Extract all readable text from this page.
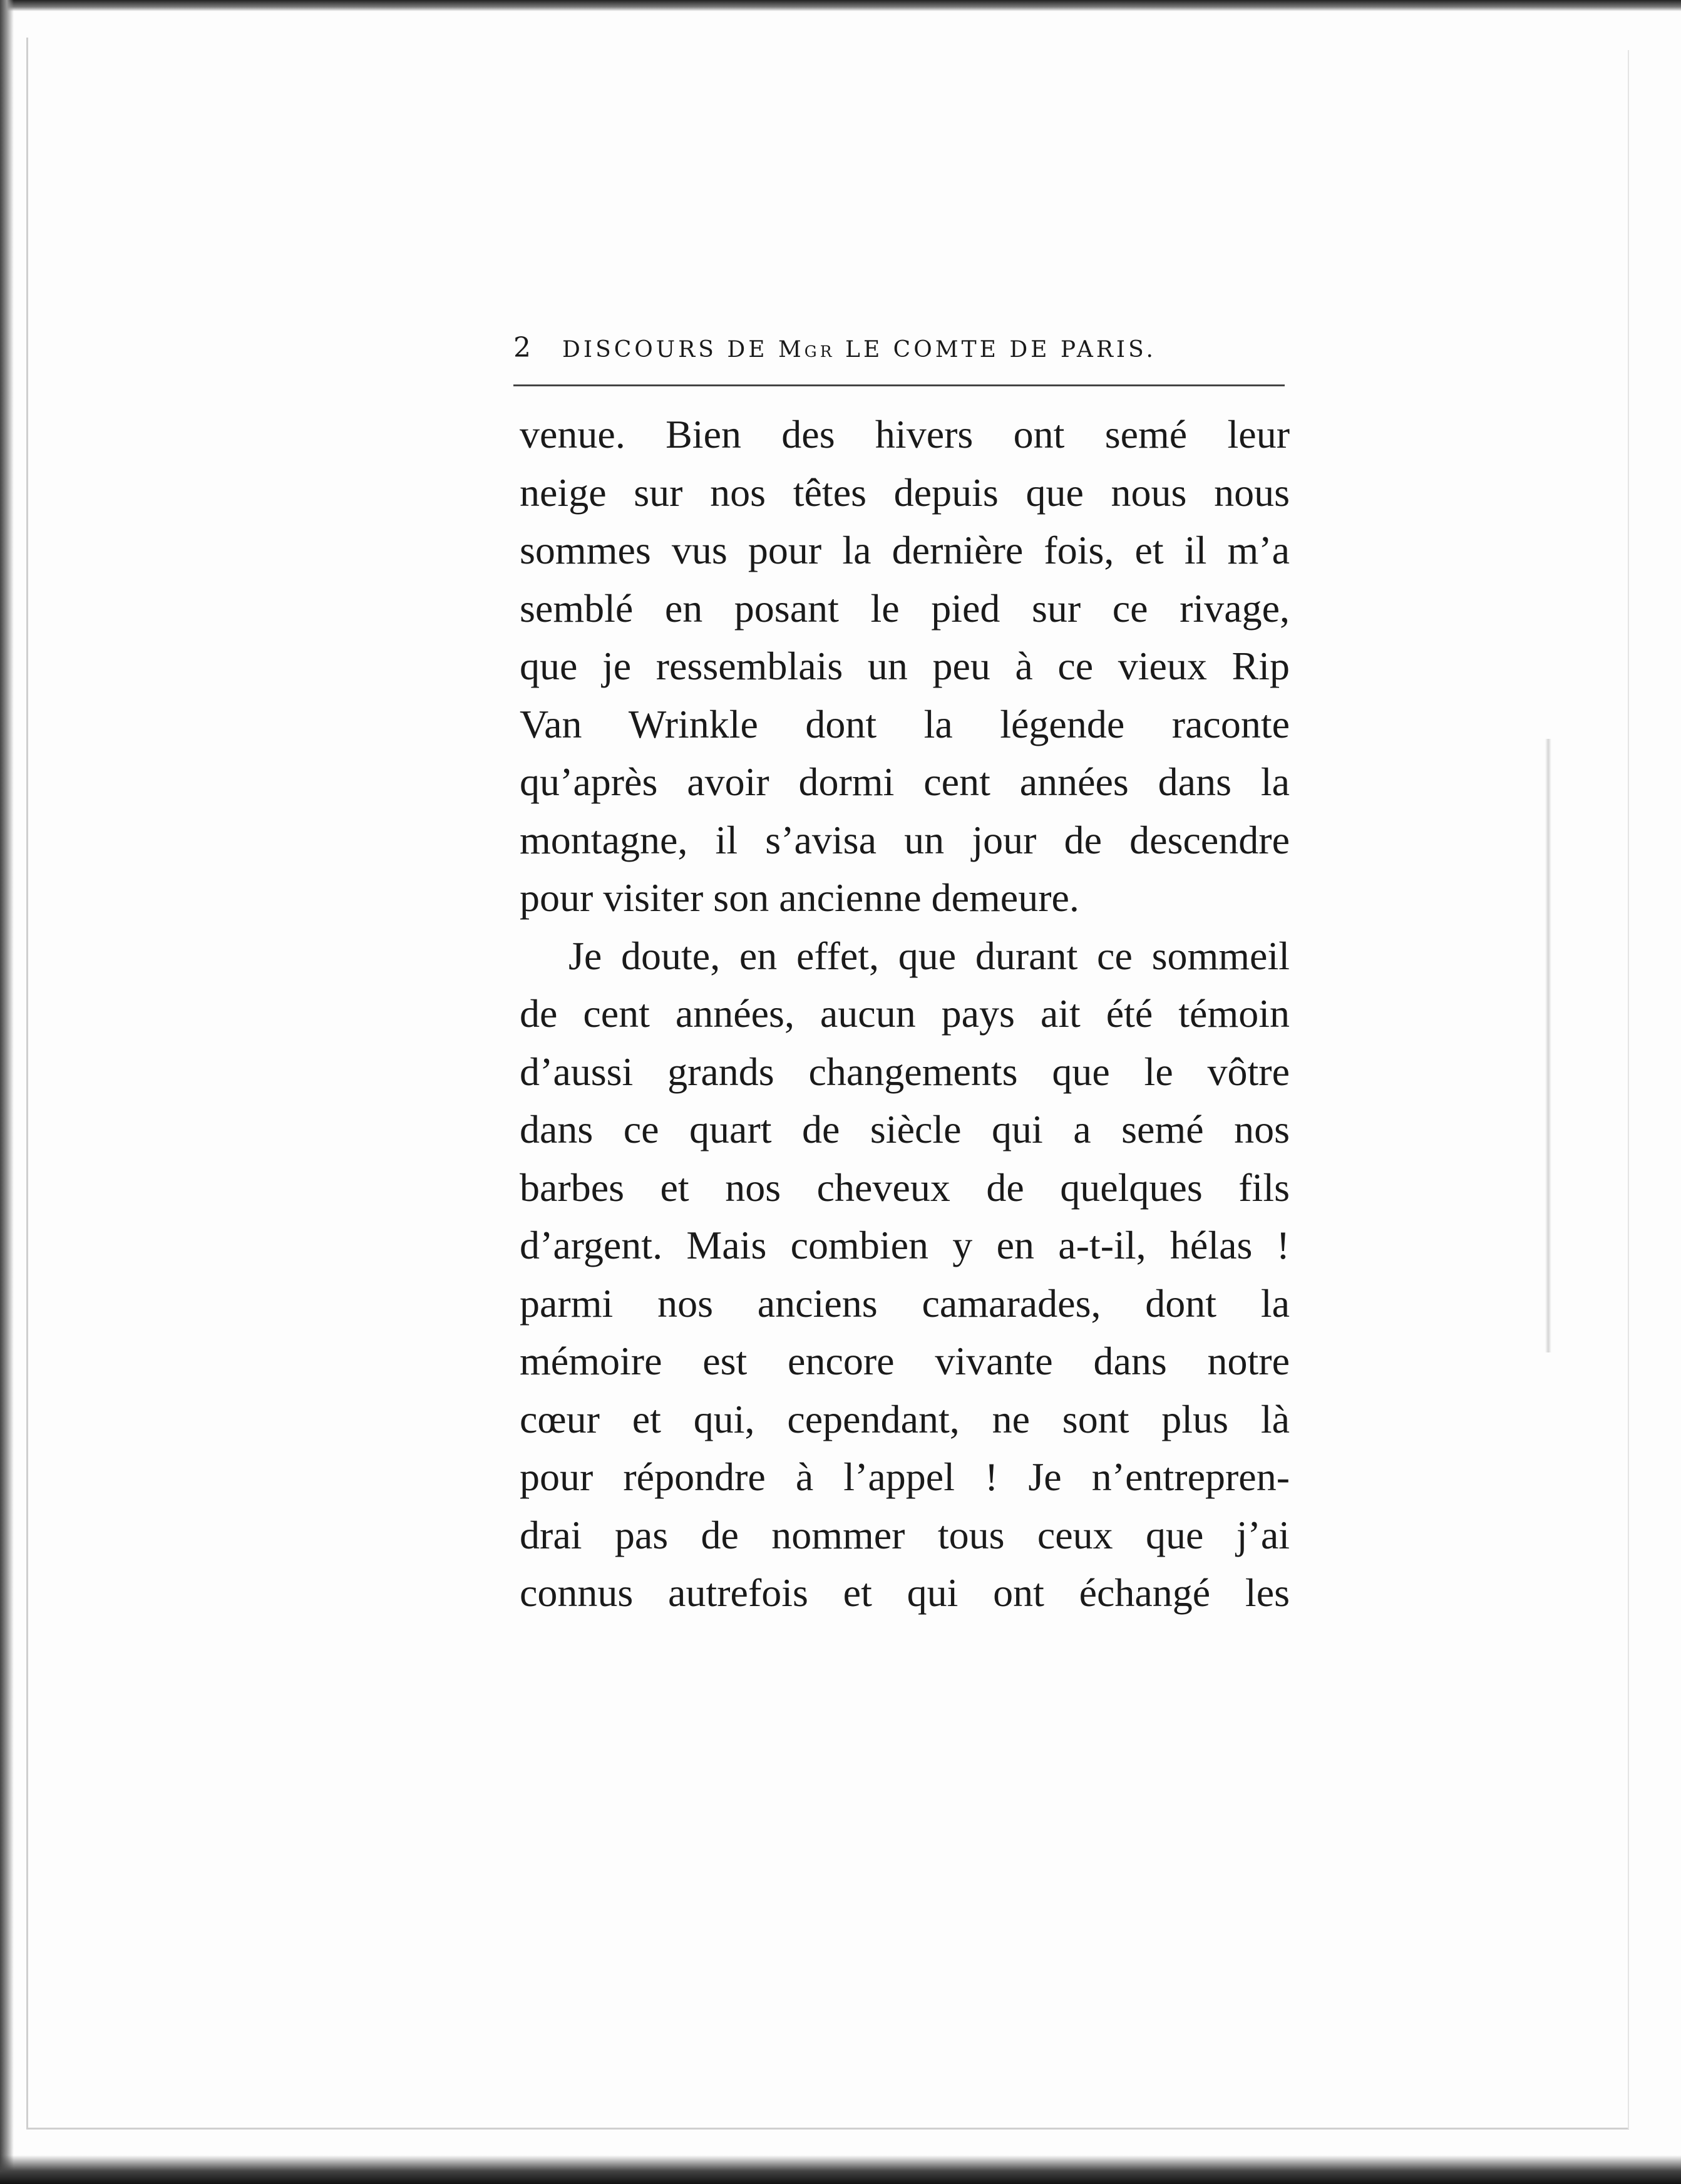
2 DISCOURS DE Mgr LE COMTE DE PARIS.
venue. Bien des hivers ont semé leur
neige sur nos têtes depuis que nous nous
sommes vus pour la dernière fois, et il m’a
semblé en posant le pied sur ce rivage,
que je ressemblais un peu à ce vieux Rip
Van Wrinkle dont la légende raconte
qu’après avoir dormi cent années dans la
montagne, il s’avisa un jour de descendre
pour visiter son ancienne demeure.
Je doute, en effet, que durant ce sommeil
de cent années, aucun pays ait été témoin
d’aussi grands changements que le vôtre
dans ce quart de siècle qui a semé nos
barbes et nos cheveux de quelques fils
d’argent. Mais combien y en a-t-il, hélas !
parmi nos anciens camarades, dont la
mémoire est encore vivante dans notre
cœur et qui, cependant, ne sont plus là
pour répondre à l’appel ! Je n’entrepren-
drai pas de nommer tous ceux que j’ai
connus autrefois et qui ont échangé les
